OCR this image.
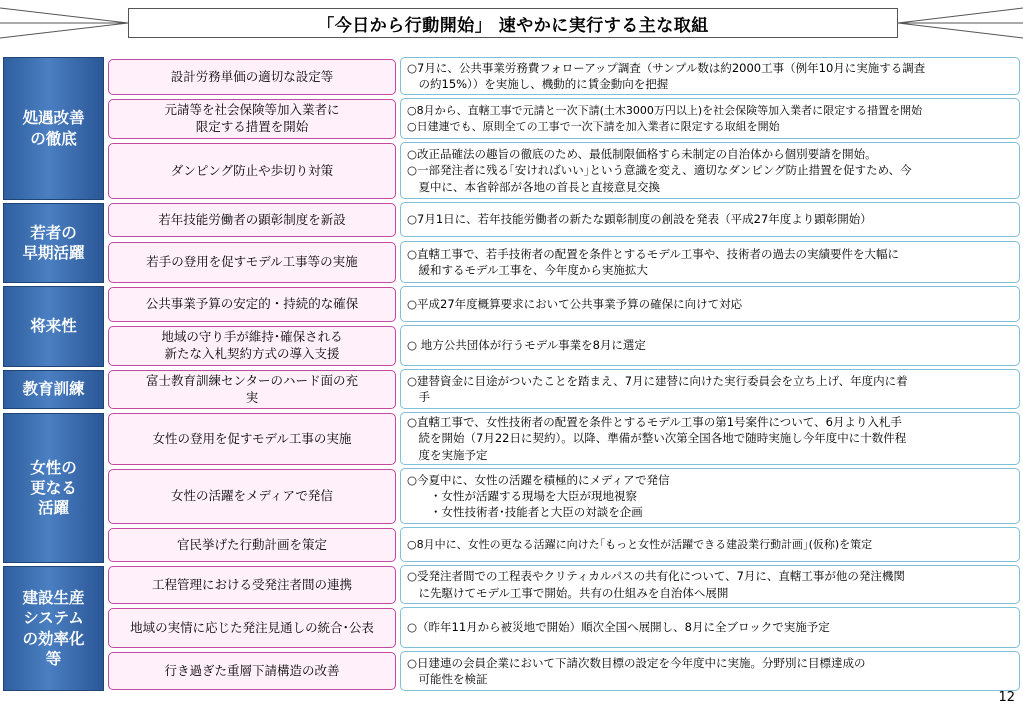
「今日から行動開始」 速やかに実行する主な取組
処遇改善
の徹底
若者の
早期活躍
将来性
教育訓練
女性の
更なる
活躍
建設生産
システム
の効率化
等
設計労務単価の適切な設定等
元請等を社会保険等加入業者に
限定する措置を開始
ダンピング防止や歩切り対策
若年技能労働者の顕彰制度を新設
若手の登用を促すモデル工事等の実施
公共事業予算の安定的・持続的な確保
地域の守り手が維持･確保される
新たな入札契約方式の導入支援
富士教育訓練センターのハード面の充
実
女性の登用を促すモデル工事の実施
女性の活躍をメディアで発信
官民挙げた行動計画を策定
工程管理における受発注者間の連携
地域の実情に応じた発注見通しの統合･公表
行き過ぎた重層下請構造の改善
○7月に、公共事業労務費フォローアップ調査（サンプル数は約2000工事（例年10月に実施する調査
　の約15%））を実施し、機動的に賃金動向を把握
○8月から、直轄工事で元請と一次下請(土木3000万円以上)を社会保険等加入業者に限定する措置を開始
○日建連でも、原則全ての工事で一次下請を加入業者に限定する取組を開始
○改正品確法の趣旨の徹底のため、最低制限価格すら未制定の自治体から個別要請を開始。
○一部発注者に残る｢安ければいい｣という意識を変え、適切なダンピング防止措置を促すため、今
　夏中に、本省幹部が各地の首長と直接意見交換
○7月1日に、若年技能労働者の新たな顕彰制度の創設を発表（平成27年度より顕彰開始）
○直轄工事で、若手技術者の配置を条件とするモデル工事や、技術者の過去の実績要件を大幅に
　緩和するモデル工事を、今年度から実施拡大
○平成27年度概算要求において公共事業予算の確保に向けて対応
○ 地方公共団体が行うモデル事業を8月に選定
○建替資金に目途がついたことを踏まえ、7月に建替に向けた実行委員会を立ち上げ、年度内に着
　手
○直轄工事で、女性技術者の配置を条件とするモデル工事の第1号案件について、6月より入札手
　続を開始（7月22日に契約）。以降、準備が整い次第全国各地で随時実施し今年度中に十数件程
　度を実施予定
○今夏中に、女性の活躍を積極的にメディアで発信
　　・女性が活躍する現場を大臣が現地視察
　　・女性技術者･技能者と大臣の対談を企画
○8月中に、女性の更なる活躍に向けた｢もっと女性が活躍できる建設業行動計画｣(仮称)を策定
○受発注者間での工程表やクリティカルパスの共有化について、7月に、直轄工事が他の発注機関
　に先駆けてモデル工事で開始。共有の仕組みを自治体へ展開
○（昨年11月から被災地で開始）順次全国へ展開し、8月に全ブロックで実施予定
○日建連の会員企業において下請次数目標の設定を今年度中に実施。分野別に目標達成の
　可能性を検証
12
